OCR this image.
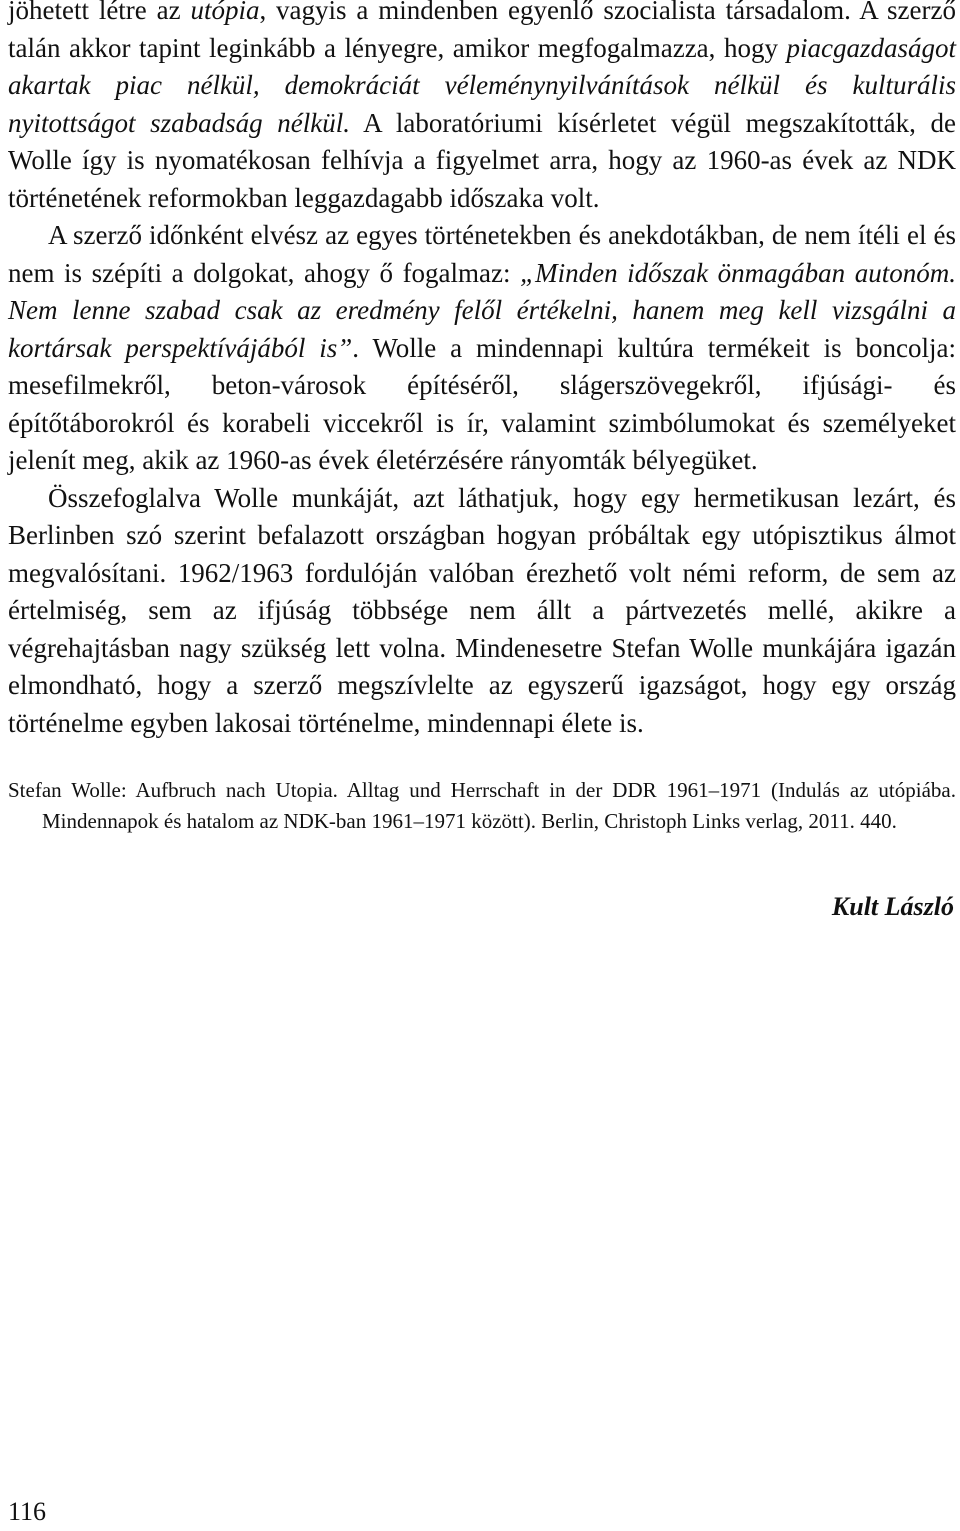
jöhetett létre az utópia, vagyis a mindenben egyenlő szocialista társadalom. A szerző talán akkor tapint leginkább a lényegre, amikor megfogalmazza, hogy piacgazdaságot akartak piac nélkül, demokráciát véleménynyilvánítások nélkül és kulturális nyitottságot szabadság nélkül. A laboratóriumi kísérletet végül megszakították, de Wolle így is nyomatékosan felhívja a figyelmet arra, hogy az 1960-as évek az NDK történetének reformokban leggazdagabb időszaka volt.

A szerző időnként elvész az egyes történetekben és anekdotákban, de nem ítéli el és nem is szépíti a dolgokat, ahogy ő fogalmaz: „Minden időszak önmagában autonóm. Nem lenne szabad csak az eredmény felől értékelni, hanem meg kell vizsgálni a kortársak perspektívájából is”. Wolle a mindennapi kultúra termékeit is boncolja: mesefilmekről, beton-városok építéséről, slágerszövegekről, ifjúsági- és építőtáborokról és korabeli viccekről is ír, valamint szimbólumokat és személyeket jelenít meg, akik az 1960-as évek életérzésére rányomták bélyegüket.

Összefoglalva Wolle munkáját, azt láthatjuk, hogy egy hermetikusan lezárt, és Berlinben szó szerint befalazott országban hogyan próbáltak egy utópisztikus álmot megvalósítani. 1962/1963 fordulóján valóban érezhető volt némi reform, de sem az értelmiség, sem az ifjúság többsége nem állt a pártvezetés mellé, akikre a végrehajtásban nagy szükség lett volna. Mindenesetre Stefan Wolle munkájára igazán elmondható, hogy a szerző megszívlelte az egyszerű igazságot, hogy egy ország történelme egyben lakosai történelme, mindennapi élete is.

Stefan Wolle: Aufbruch nach Utopia. Alltag und Herrschaft in der DDR 1961–1971 (Indulás az utópiába. Mindennapok és hatalom az NDK-ban 1961–1971 között). Berlin, Christoph Links verlag, 2011. 440.
Kult László
116
